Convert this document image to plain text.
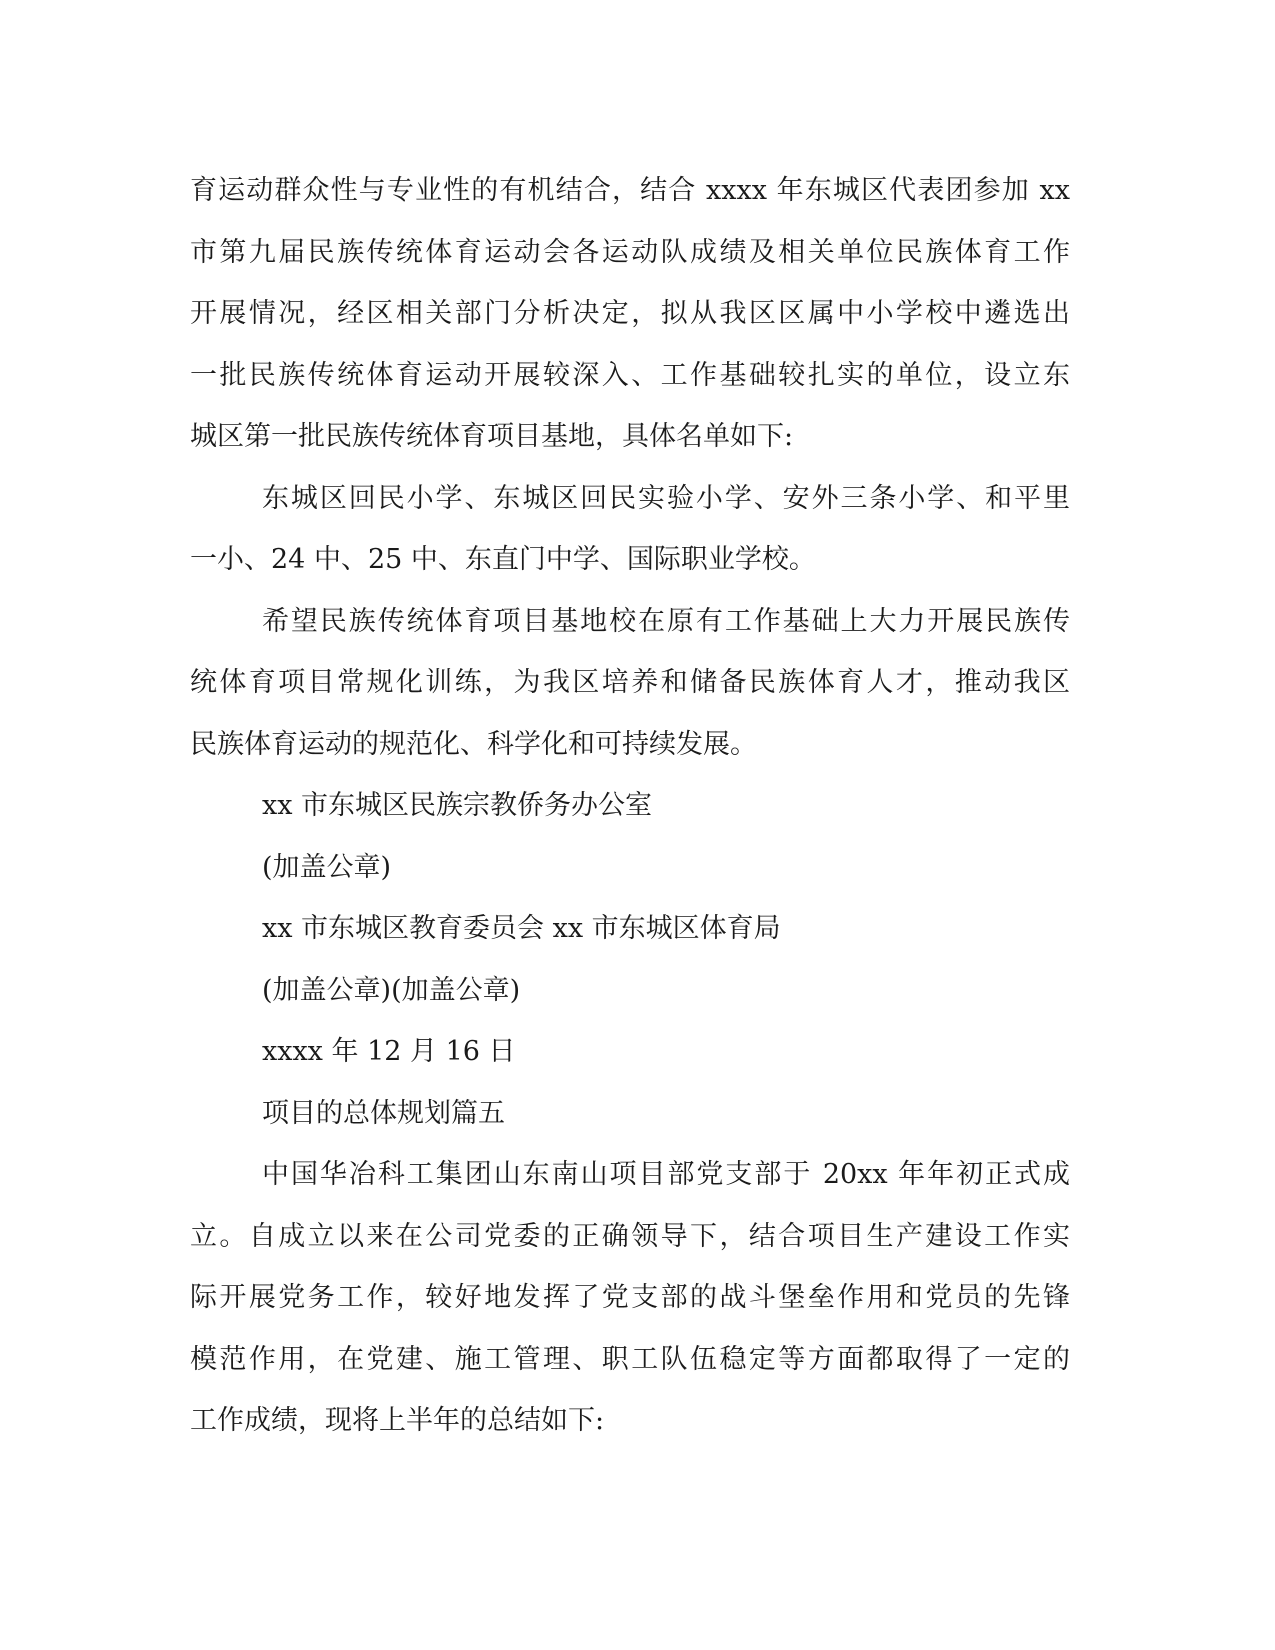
育运动群众性与专业性的有机结合，结合 xxxx 年东城区代表团参加 xx
市第九届民族传统体育运动会各运动队成绩及相关单位民族体育工作
开展情况，经区相关部门分析决定，拟从我区区属中小学校中遴选出
一批民族传统体育运动开展较深入、工作基础较扎实的单位，设立东
城区第一批民族传统体育项目基地，具体名单如下:
东城区回民小学、东城区回民实验小学、安外三条小学、和平里
一小、24 中、25 中、东直门中学、国际职业学校。
希望民族传统体育项目基地校在原有工作基础上大力开展民族传
统体育项目常规化训练，为我区培养和储备民族体育人才，推动我区
民族体育运动的规范化、科学化和可持续发展。
xx 市东城区民族宗教侨务办公室
(加盖公章)
xx 市东城区教育委员会 xx 市东城区体育局
(加盖公章)(加盖公章)
xxxx 年 12 月 16 日
项目的总体规划篇五
中国华冶科工集团山东南山项目部党支部于 20xx 年年初正式成
立。自成立以来在公司党委的正确领导下，结合项目生产建设工作实
际开展党务工作，较好地发挥了党支部的战斗堡垒作用和党员的先锋
模范作用，在党建、施工管理、职工队伍稳定等方面都取得了一定的
工作成绩，现将上半年的总结如下:
